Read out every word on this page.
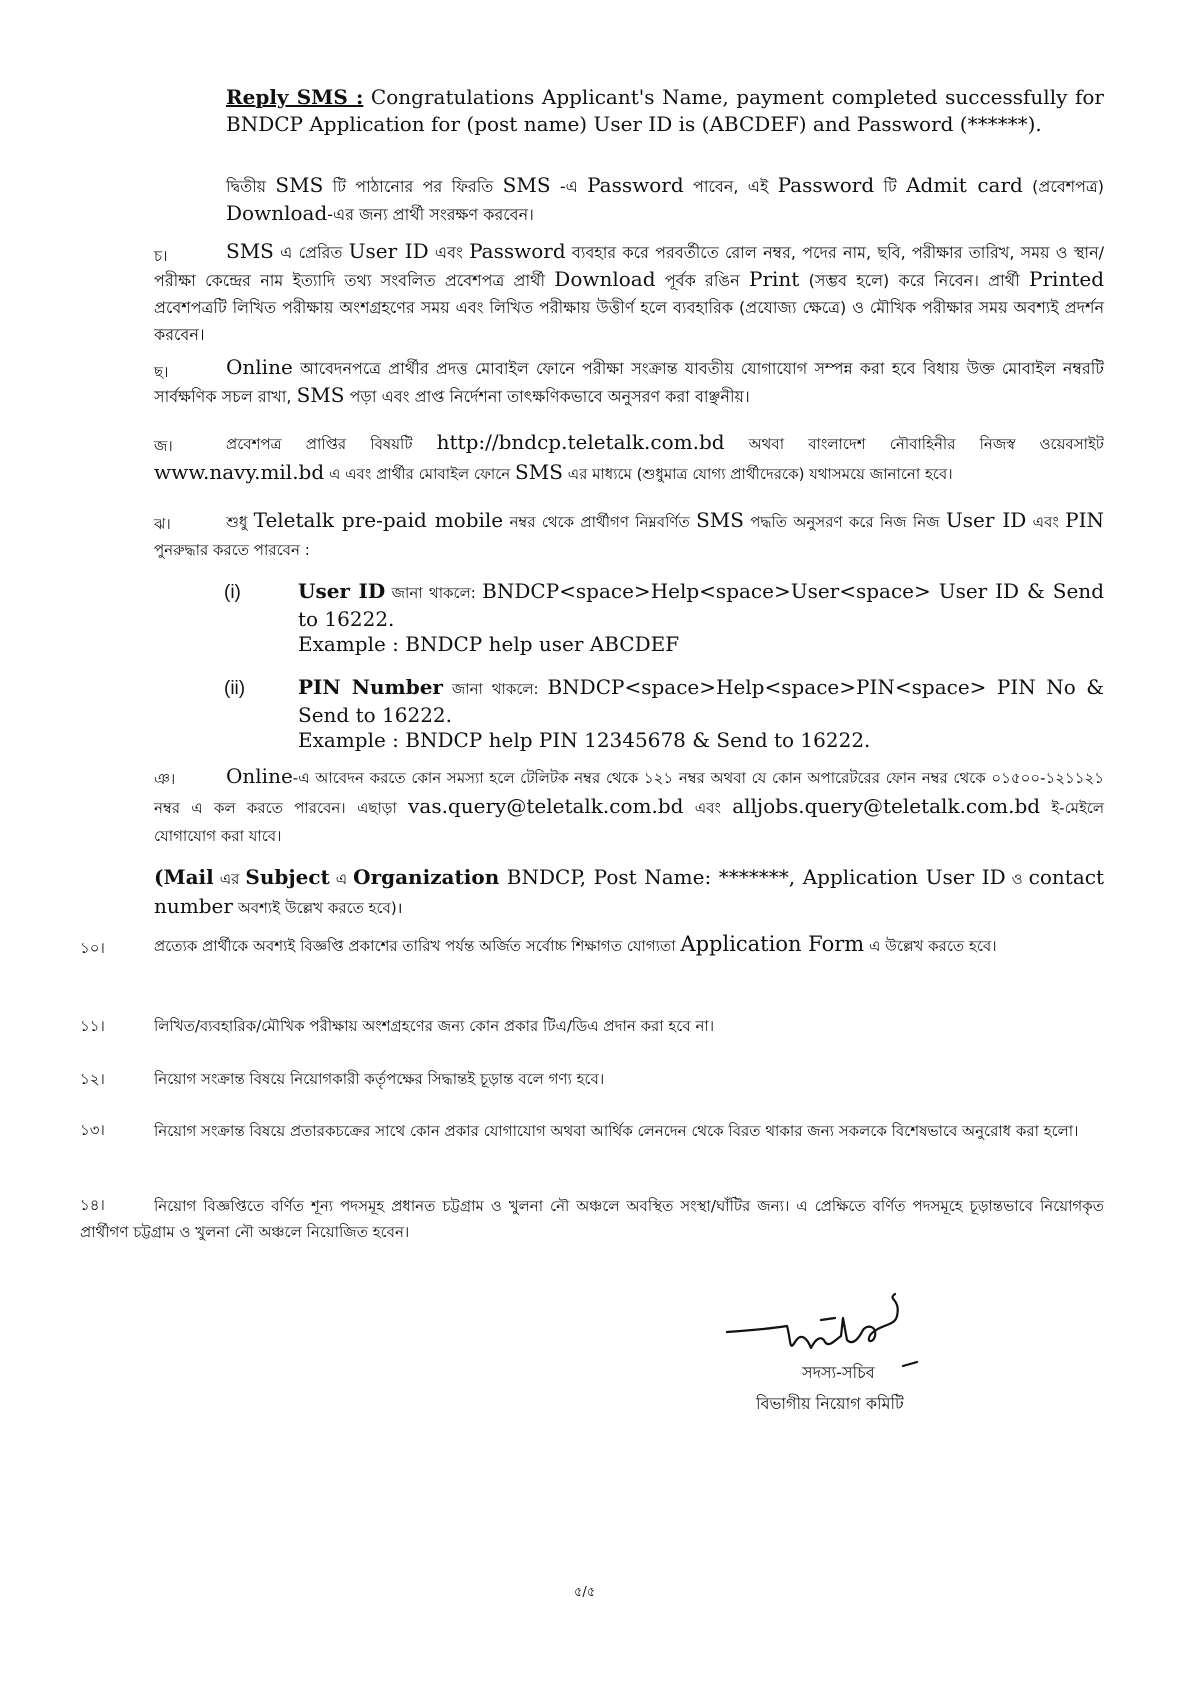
Reply SMS : Congratulations Applicant's Name, payment completed successfully for BNDCP Application for (post name) User ID is (ABCDEF) and Password (******).

দ্বিতীয় SMS টি পাঠানোর পর ফিরতি SMS -এ Password পাবেন, এই Password টি Admit card (প্রবেশপত্র) Download-এর জন্য প্রার্থী সংরক্ষণ করবেন।

চ।	SMS এ প্রেরিত User ID এবং Password ব্যবহার করে পরবর্তীতে রোল নম্বর, পদের নাম, ছবি, পরীক্ষার তারিখ, সময় ও স্থান/পরীক্ষা কেন্দ্রের নাম ইত্যাদি তথ্য সংবলিত প্রবেশপত্র প্রার্থী Download পূর্বক রঙিন Print (সম্ভব হলে) করে নিবেন। প্রার্থী Printed প্রবেশপত্রটি লিখিত পরীক্ষায় অংশগ্রহণের সময় এবং লিখিত পরীক্ষায় উত্তীর্ণ হলে ব্যবহারিক (প্রযোজ্য ক্ষেত্রে) ও মৌখিক পরীক্ষার সময় অবশ্যই প্রদর্শন করবেন।

ছ।	Online আবেদনপত্রে প্রার্থীর প্রদত্ত মোবাইল ফোনে পরীক্ষা সংক্রান্ত যাবতীয় যোগাযোগ সম্পন্ন করা হবে বিধায় উক্ত মোবাইল নম্বরটি সার্বক্ষণিক সচল রাখা, SMS পড়া এবং প্রাপ্ত নির্দেশনা তাৎক্ষণিকভাবে অনুসরণ করা বাঞ্ছনীয়।

জ।	প্রবেশপত্র প্রাপ্তির বিষয়টি http://bndcp.teletalk.com.bd অথবা বাংলাদেশ নৌবাহিনীর নিজস্ব ওয়েবসাইট www.navy.mil.bd এ এবং প্রার্থীর মোবাইল ফোনে SMS এর মাধ্যমে (শুধুমাত্র যোগ্য প্রার্থীদেরকে) যথাসময়ে জানানো হবে।

ঝ।	শুধু Teletalk pre-paid mobile নম্বর থেকে প্রার্থীগণ নিম্নবর্ণিত SMS পদ্ধতি অনুসরণ করে নিজ নিজ User ID এবং PIN পুনরুদ্ধার করতে পারবেন :

(i)	User ID জানা থাকলে: BNDCP<space>Help<space>User<space> User ID & Send to 16222.

Example : BNDCP help user ABCDEF

(ii)	PIN Number জানা থাকলে: BNDCP<space>Help<space>PIN<space> PIN No & Send to 16222.

Example : BNDCP help PIN 12345678 & Send to 16222.

ঞ।	Online-এ আবেদন করতে কোন সমস্যা হলে টেলিটক নম্বর থেকে ১২১ নম্বর অথবা যে কোন অপারেটরের ফোন নম্বর থেকে ০১৫০০-১২১১২১ নম্বর এ কল করতে পারবেন। এছাড়া vas.query@teletalk.com.bd এবং alljobs.query@teletalk.com.bd ই-মেইলে যোগাযোগ করা যাবে।

(Mail এর Subject এ Organization BNDCP, Post Name: *******, Application User ID ও contact number অবশ্যই উল্লেখ করতে হবে)।

১০।	প্রত্যেক প্রার্থীকে অবশ্যই বিজ্ঞপ্তি প্রকাশের তারিখ পর্যন্ত অর্জিত সর্বোচ্চ শিক্ষাগত যোগ্যতা Application Form এ উল্লেখ করতে হবে।

১১।	লিখিত/ব্যবহারিক/মৌখিক পরীক্ষায় অংশগ্রহণের জন্য কোন প্রকার টিএ/ডিএ প্রদান করা হবে না।

১২।	নিয়োগ সংক্রান্ত বিষয়ে নিয়োগকারী কর্তৃপক্ষের সিদ্ধান্তই চূড়ান্ত বলে গণ্য হবে।

১৩।	নিয়োগ সংক্রান্ত বিষয়ে প্রতারকচক্রের সাথে কোন প্রকার যোগাযোগ অথবা আর্থিক লেনদেন থেকে বিরত থাকার জন্য সকলকে বিশেষভাবে অনুরোধ করা হলো।

১৪।	নিয়োগ বিজ্ঞপ্তিতে বর্ণিত শূন্য পদসমূহ প্রধানত চট্টগ্রাম ও খুলনা নৌ অঞ্চলে অবস্থিত সংস্থা/ঘাঁটির জন্য। এ প্রেক্ষিতে বর্ণিত পদসমূহে চূড়ান্তভাবে নিয়োগকৃত প্রার্থীগণ চট্টগ্রাম ও খুলনা নৌ অঞ্চলে নিয়োজিত হবেন।

সদস্য-সচিব

বিভাগীয় নিয়োগ কমিটি

৫/৫
